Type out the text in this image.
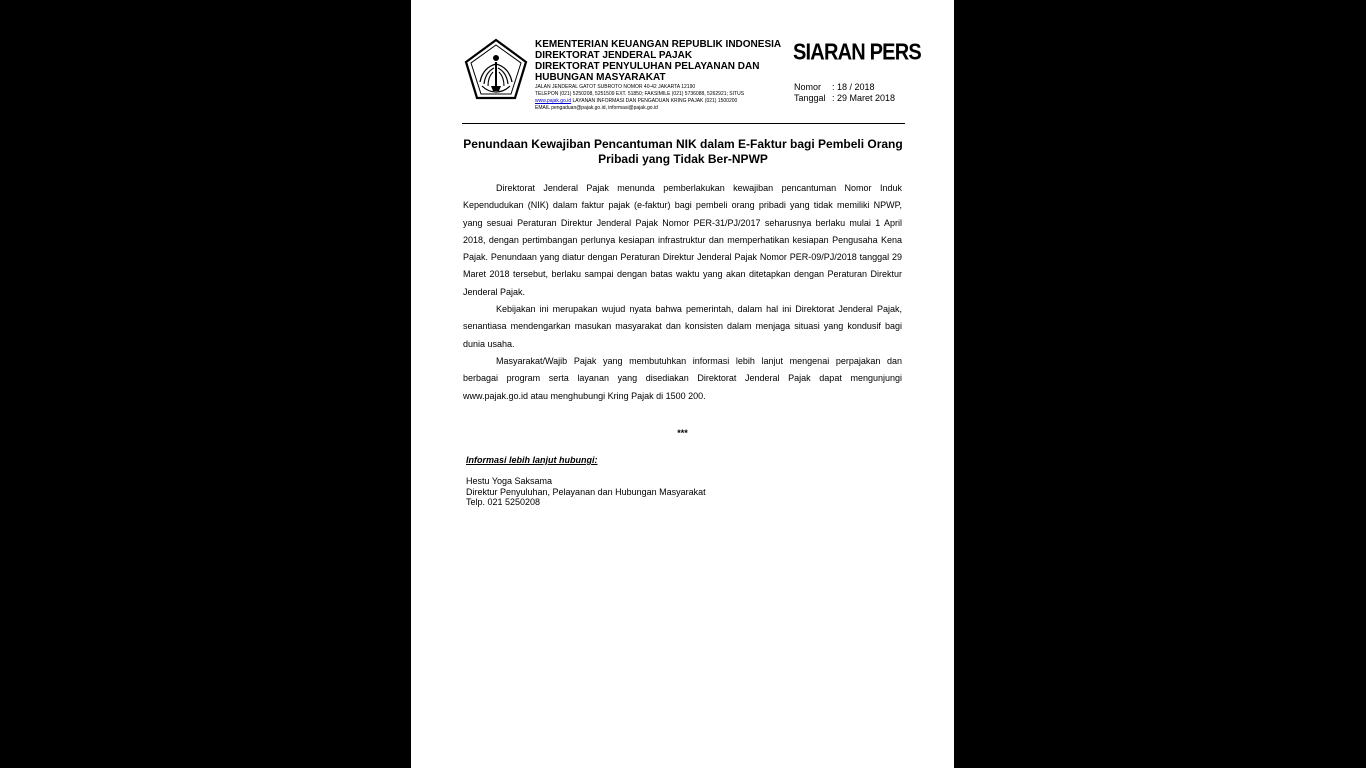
KEMENTERIAN KEUANGAN REPUBLIK INDONESIA
DIREKTORAT JENDERAL PAJAK
DIREKTORAT PENYULUHAN PELAYANAN DAN
HUBUNGAN MASYARAKAT
JALAN JENDERAL GATOT SUBROTO NOMOR 40-42 JAKARTA 12190
TELEPON (021) 5250208, 5251509 EXT. 51850; FAKSIMILE (021) 5736088, 5262921; SITUS
www.pajak.go.id LAYANAN INFORMASI DAN PENGADUAN KRING PAJAK (021) 1500200
EMAIL pengaduan@pajak.go.id, informasi@pajak.go.id
SIARAN PERS
Nomor : 18 / 2018
Tanggal : 29 Maret 2018
Penundaan Kewajiban Pencantuman NIK dalam E-Faktur bagi Pembeli Orang Pribadi yang Tidak Ber-NPWP

Direktorat Jenderal Pajak menunda pemberlakukan kewajiban pencantuman Nomor Induk Kependudukan (NIK) dalam faktur pajak (e-faktur) bagi pembeli orang pribadi yang tidak memiliki NPWP, yang sesuai Peraturan Direktur Jenderal Pajak Nomor PER-31/PJ/2017 seharusnya berlaku mulai 1 April 2018, dengan pertimbangan perlunya kesiapan infrastruktur dan memperhatikan kesiapan Pengusaha Kena Pajak. Penundaan yang diatur dengan Peraturan Direktur Jenderal Pajak Nomor PER-09/PJ/2018 tanggal 29 Maret 2018 tersebut, berlaku sampai dengan batas waktu yang akan ditetapkan dengan Peraturan Direktur Jenderal Pajak.

Kebijakan ini merupakan wujud nyata bahwa pemerintah, dalam hal ini Direktorat Jenderal Pajak, senantiasa mendengarkan masukan masyarakat dan konsisten dalam menjaga situasi yang kondusif bagi dunia usaha.

Masyarakat/Wajib Pajak yang membutuhkan informasi lebih lanjut mengenai perpajakan dan berbagai program serta layanan yang disediakan Direktorat Jenderal Pajak dapat mengunjungi www.pajak.go.id atau menghubungi Kring Pajak di 1500 200.

***
Informasi lebih lanjut hubungi:
Hestu Yoga Saksama
Direktur Penyuluhan, Pelayanan dan Hubungan Masyarakat
Telp. 021 5250208
